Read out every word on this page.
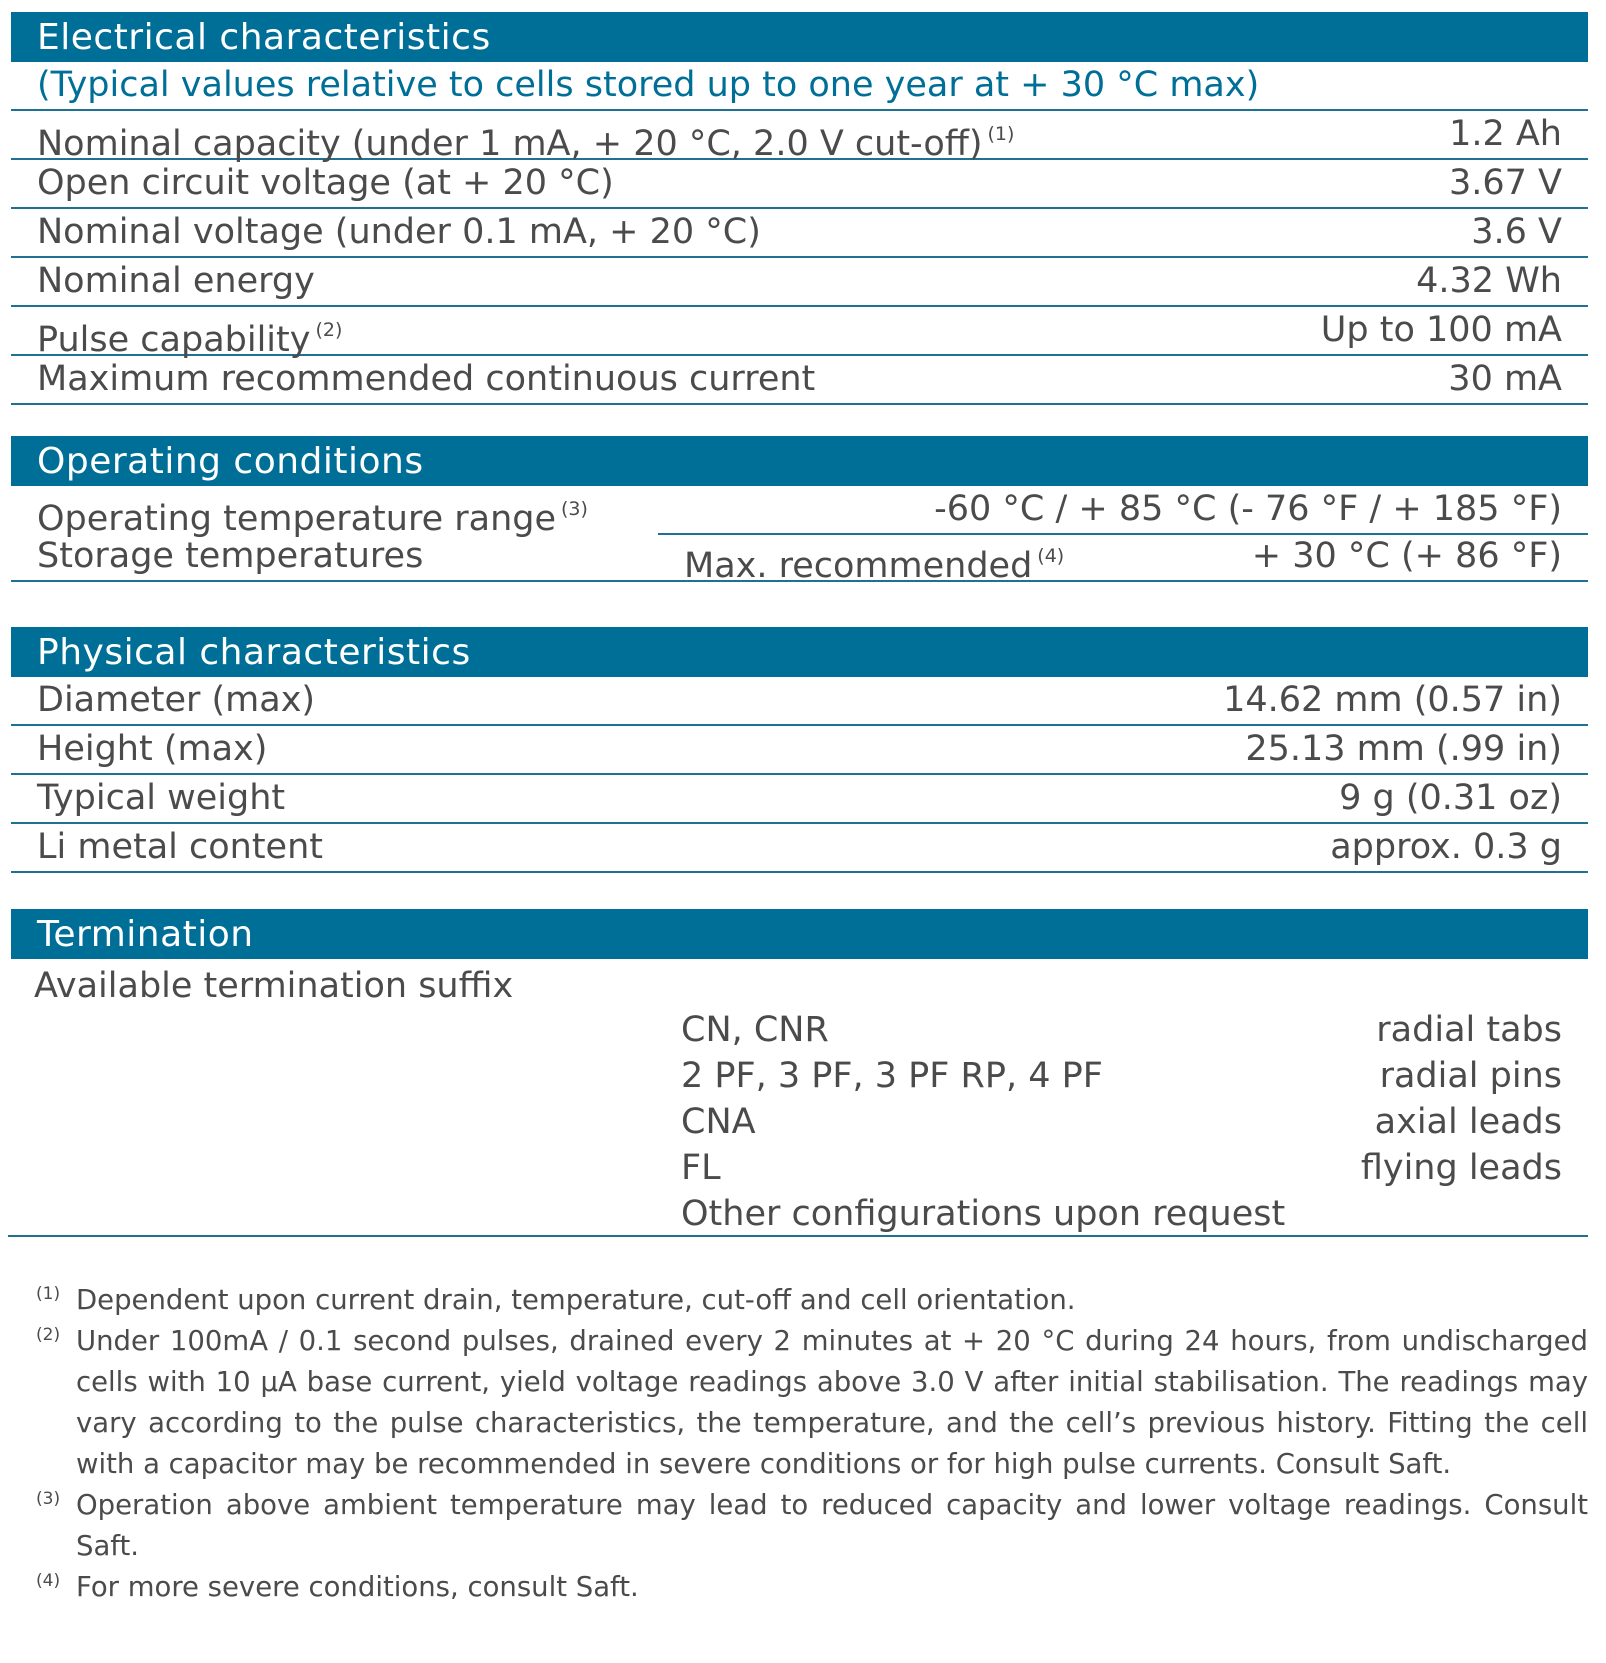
Electrical characteristics
(Typical values relative to cells stored up to one year at + 30 °C max)
Nominal capacity (under 1 mA, + 20 °C, 2.0 V cut-off) $^{(1)}$	1.2 Ah
Open circuit voltage (at + 20 °C)	3.67 V
Nominal voltage (under 0.1 mA, + 20 °C)	3.6 V
Nominal energy	4.32 Wh
Pulse capability $^{(2)}$	Up to 100 mA
Maximum recommended continuous current	30 mA
Operating conditions
Operating temperature range $^{(3)}$	-60 °C / + 85 °C (- 76 °F / + 185 °F)
Storage temperatures	Max. recommended $^{(4)}$	+ 30 °C (+ 86 °F)
Physical characteristics
Diameter (max)	14.62 mm (0.57 in)
Height (max)	25.13 mm (.99 in)
Typical weight	9 g (0.31 oz)
Li metal content	approx. 0.3 g
Termination
Available termination suffix
CN, CNR	radial tabs
2 PF, 3 PF, 3 PF RP, 4 PF	radial pins
CNA	axial leads
FL	flying leads
Other configurations upon request
(1) Dependent upon current drain, temperature, cut-off and cell orientation.
(2) Under 100mA / 0.1 second pulses, drained every 2 minutes at + 20 °C during 24 hours, from undischarged cells with 10 µA base current, yield voltage readings above 3.0 V after initial stabilisation. The readings may vary according to the pulse characteristics, the temperature, and the cell’s previous history. Fitting the cell with a capacitor may be recommended in severe conditions or for high pulse currents. Consult Saft.
(3) Operation above ambient temperature may lead to reduced capacity and lower voltage readings. Consult Saft.
(4) For more severe conditions, consult Saft.
